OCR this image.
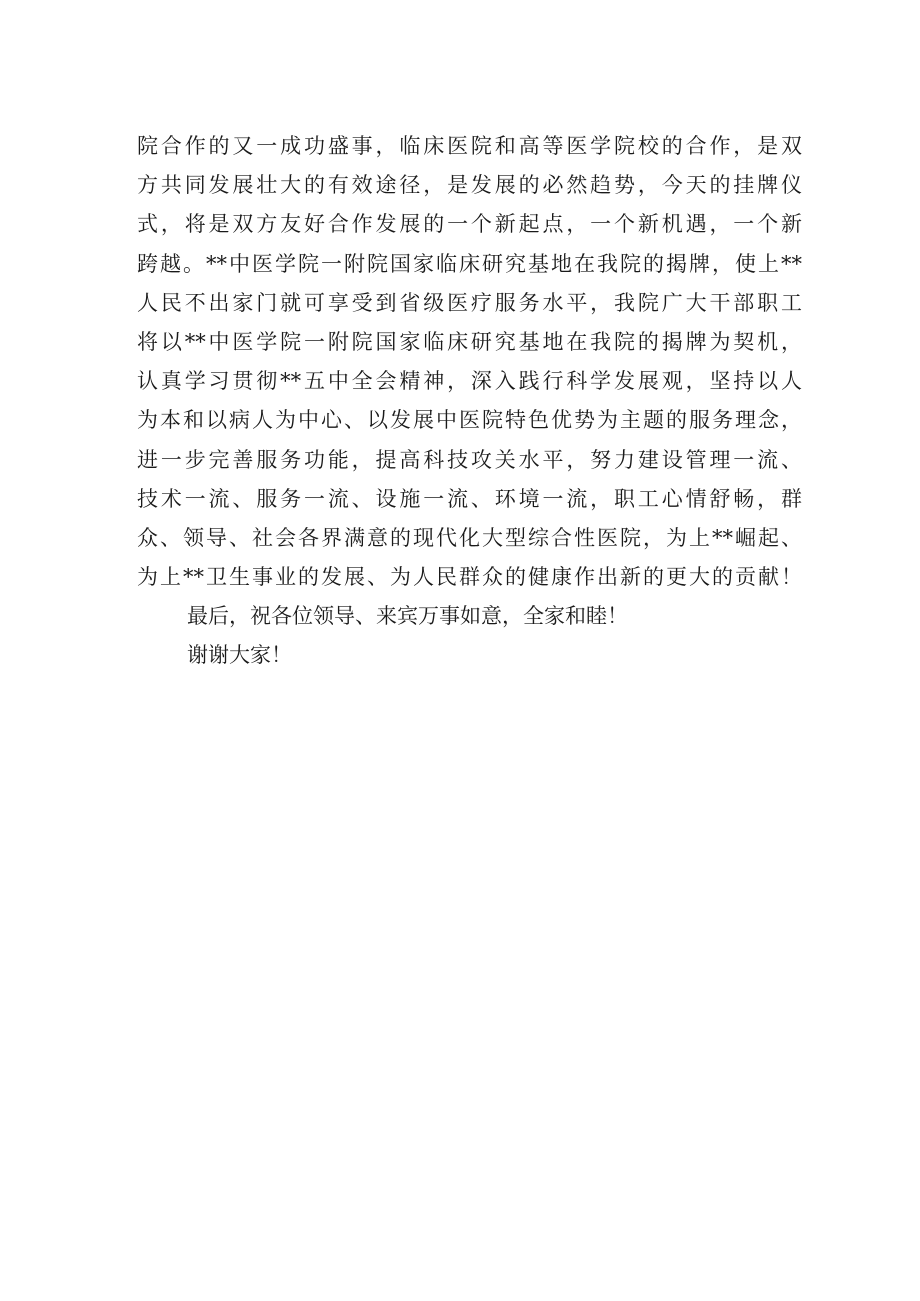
院合作的又一成功盛事，临床医院和高等医学院校的合作，是双
方共同发展壮大的有效途径，是发展的必然趋势，今天的挂牌仪
式，将是双方友好合作发展的一个新起点，一个新机遇，一个新
跨越。**中医学院一附院国家临床研究基地在我院的揭牌，使上**
人民不出家门就可享受到省级医疗服务水平，我院广大干部职工
将以**中医学院一附院国家临床研究基地在我院的揭牌为契机，
认真学习贯彻**五中全会精神，深入践行科学发展观，坚持以人
为本和以病人为中心、以发展中医院特色优势为主题的服务理念，
进一步完善服务功能，提高科技攻关水平，努力建设管理一流、
技术一流、服务一流、设施一流、环境一流，职工心情舒畅，群
众、领导、社会各界满意的现代化大型综合性医院，为上**崛起、
为上**卫生事业的发展、为人民群众的健康作出新的更大的贡献！
最后，祝各位领导、来宾万事如意，全家和睦！
谢谢大家！
